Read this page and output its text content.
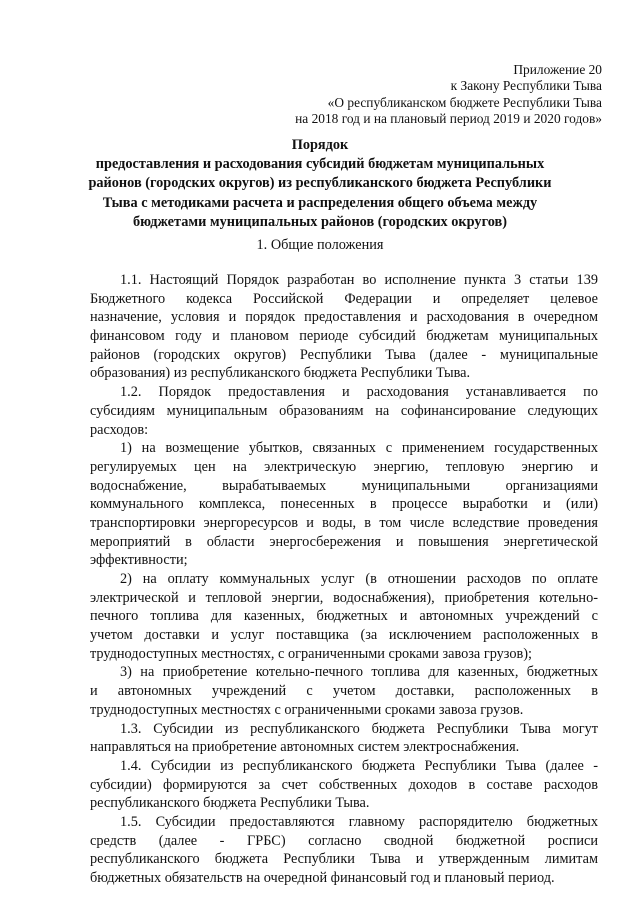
Приложение 20
к Закону Республики Тыва
«О республиканском бюджете Республики Тыва
на 2018 год и на плановый период 2019 и 2020 годов»
Порядок
предоставления и расходования субсидий бюджетам муниципальных
районов (городских округов) из республиканского бюджета Республики
Тыва с методиками расчета и распределения общего объема между
бюджетами муниципальных районов (городских округов)
1. Общие положения
1.1. Настоящий Порядок разработан во исполнение пункта 3 статьи 139
Бюджетного кодекса Российской Федерации и определяет целевое
назначение, условия и порядок предоставления и расходования в очередном
финансовом году и плановом периоде субсидий бюджетам муниципальных
районов (городских округов) Республики Тыва (далее - муниципальные
образования) из республиканского бюджета Республики Тыва.
1.2. Порядок предоставления и расходования устанавливается по
субсидиям муниципальным образованиям на софинансирование следующих
расходов:
1) на возмещение убытков, связанных с применением государственных
регулируемых цен на электрическую энергию, тепловую энергию и
водоснабжение, вырабатываемых муниципальными организациями
коммунального комплекса, понесенных в процессе выработки и (или)
транспортировки энергоресурсов и воды, в том числе вследствие проведения
мероприятий в области энергосбережения и повышения энергетической
эффективности;
2) на оплату коммунальных услуг (в отношении расходов по оплате
электрической и тепловой энергии, водоснабжения), приобретения котельно-
печного топлива для казенных, бюджетных и автономных учреждений с
учетом доставки и услуг поставщика (за исключением расположенных в
труднодоступных местностях, с ограниченными сроками завоза грузов);
3) на приобретение котельно-печного топлива для казенных, бюджетных
и автономных учреждений с учетом доставки, расположенных в
труднодоступных местностях с ограниченными сроками завоза грузов.
1.3. Субсидии из республиканского бюджета Республики Тыва могут
направляться на приобретение автономных систем электроснабжения.
1.4. Субсидии из республиканского бюджета Республики Тыва (далее -
субсидии) формируются за счет собственных доходов в составе расходов
республиканского бюджета Республики Тыва.
1.5. Субсидии предоставляются главному распорядителю бюджетных
средств (далее - ГРБС) согласно сводной бюджетной росписи
республиканского бюджета Республики Тыва и утвержденным лимитам
бюджетных обязательств на очередной финансовый год и плановый период.
